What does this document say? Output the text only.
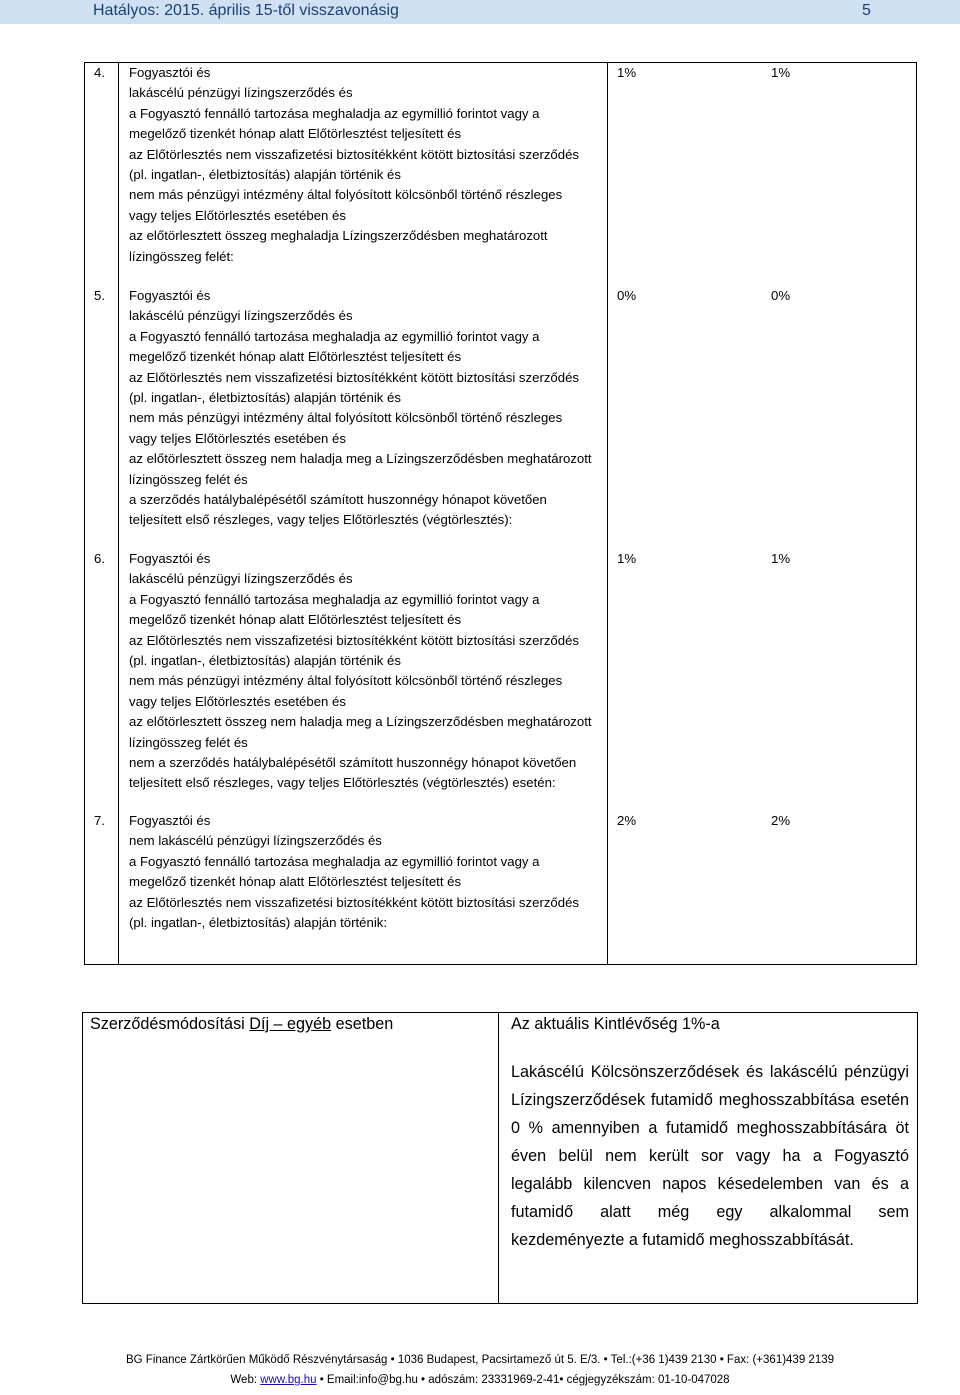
Hatályos: 2015. április 15-től visszavonásig	5
4. Fogyasztói és
lakáscélú pénzügyi lízingszerződés és
a Fogyasztó fennálló tartozása meghaladja az egymillió forintot vagy a
megelőző tizenkét hónap alatt Előtörlesztést teljesített és
az Előtörlesztés nem visszafizetési biztosítékként kötött biztosítási szerződés
(pl. ingatlan-, életbiztosítás) alapján történik és
nem más pénzügyi intézmény által folyósított kölcsönből történő részleges
vagy teljes Előtörlesztés esetében és
az előtörlesztett összeg meghaladja Lízingszerződésben meghatározott
lízingösszeg felét:
1%	1%
5. Fogyasztói és
lakáscélú pénzügyi lízingszerződés és
a Fogyasztó fennálló tartozása meghaladja az egymillió forintot vagy a
megelőző tizenkét hónap alatt Előtörlesztést teljesített és
az Előtörlesztés nem visszafizetési biztosítékként kötött biztosítási szerződés
(pl. ingatlan-, életbiztosítás) alapján történik és
nem más pénzügyi intézmény által folyósított kölcsönből történő részleges
vagy teljes Előtörlesztés esetében és
az előtörlesztett összeg nem haladja meg a Lízingszerződésben meghatározott
lízingösszeg felét és
a szerződés hatálybalépésétől számított huszonnégy hónapot követően
teljesített első részleges, vagy teljes Előtörlesztés (végtörlesztés):
0%	0%
6. Fogyasztói és
lakáscélú pénzügyi lízingszerződés és
a Fogyasztó fennálló tartozása meghaladja az egymillió forintot vagy a
megelőző tizenkét hónap alatt Előtörlesztést teljesített és
az Előtörlesztés nem visszafizetési biztosítékként kötött biztosítási szerződés
(pl. ingatlan-, életbiztosítás) alapján történik és
nem más pénzügyi intézmény által folyósított kölcsönből történő részleges
vagy teljes Előtörlesztés esetében és
az előtörlesztett összeg nem haladja meg a Lízingszerződésben meghatározott
lízingösszeg felét és
nem a szerződés hatálybalépésétől számított huszonnégy hónapot követően
teljesített első részleges, vagy teljes Előtörlesztés (végtörlesztés) esetén:
1%	1%
7. Fogyasztói és
nem lakáscélú pénzügyi lízingszerződés és
a Fogyasztó fennálló tartozása meghaladja az egymillió forintot vagy a
megelőző tizenkét hónap alatt Előtörlesztést teljesített és
az Előtörlesztés nem visszafizetési biztosítékként kötött biztosítási szerződés
(pl. ingatlan-, életbiztosítás) alapján történik:
2%	2%
Szerződésmódosítási Díj – egyéb esetben	Az aktuális Kintlévőség 1%-a
Lakáscélú Kölcsönszerződések és lakáscélú pénzügyi Lízingszerződések futamidő meghosszabbítása esetén 0 % amennyiben a futamidő meghosszabbítására öt éven belül nem került sor vagy ha a Fogyasztó legalább kilencven napos késedelemben van és a futamidő alatt még egy alkalommal sem kezdeményezte a futamidő meghosszabbítását.
BG Finance Zártkörűen Működő Részvénytársaság • 1036 Budapest, Pacsirtamező út 5. E/3. • Tel.:(+36 1)439 2130 • Fax: (+361)439 2139
Web: www.bg.hu • Email:info@bg.hu • adószám: 23331969-2-41• cégjegyzékszám: 01-10-047028
